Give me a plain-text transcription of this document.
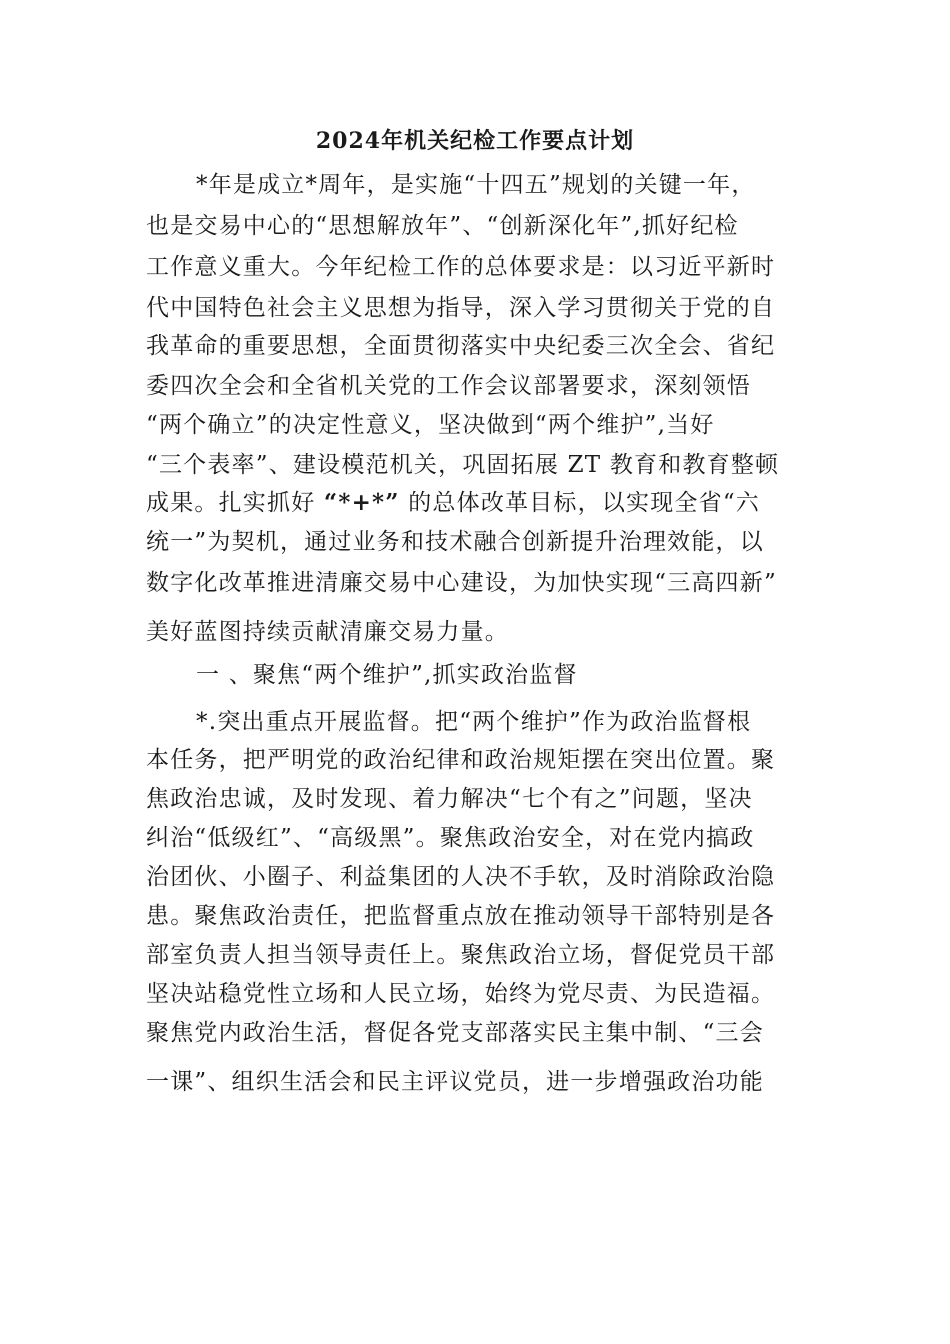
2024年机关纪检工作要点计划
*年是成立*周年，是实施“十四五”规划的关键一年，
也是交易中心的“思想解放年”、“创新深化年”,抓好纪检
工作意义重大。今年纪检工作的总体要求是：以习近平新时
代中国特色社会主义思想为指导，深入学习贯彻关于党的自
我革命的重要思想，全面贯彻落实中央纪委三次全会、省纪
委四次全会和全省机关党的工作会议部署要求，深刻领悟
“两个确立”的决定性意义，坚决做到“两个维护”,当好
“三个表率”、建设模范机关，巩固拓展 ZT 教育和教育整顿
成果。扎实抓好 “*+*” 的总体改革目标，以实现全省“六
统一”为契机，通过业务和技术融合创新提升治理效能，以
数字化改革推进清廉交易中心建设，为加快实现“三高四新”
美好蓝图持续贡献清廉交易力量。
一 、聚焦“两个维护”,抓实政治监督
*.突出重点开展监督。把“两个维护”作为政治监督根
本任务，把严明党的政治纪律和政治规矩摆在突出位置。聚
焦政治忠诚，及时发现、着力解决“七个有之”问题，坚决
纠治“低级红”、“高级黑”。聚焦政治安全，对在党内搞政
治团伙、小圈子、利益集团的人决不手软，及时消除政治隐
患。聚焦政治责任，把监督重点放在推动领导干部特别是各
部室负责人担当领导责任上。聚焦政治立场，督促党员干部
坚决站稳党性立场和人民立场，始终为党尽责、为民造福。
聚焦党内政治生活，督促各党支部落实民主集中制、“三会
一课”、组织生活会和民主评议党员，进一步增强政治功能
